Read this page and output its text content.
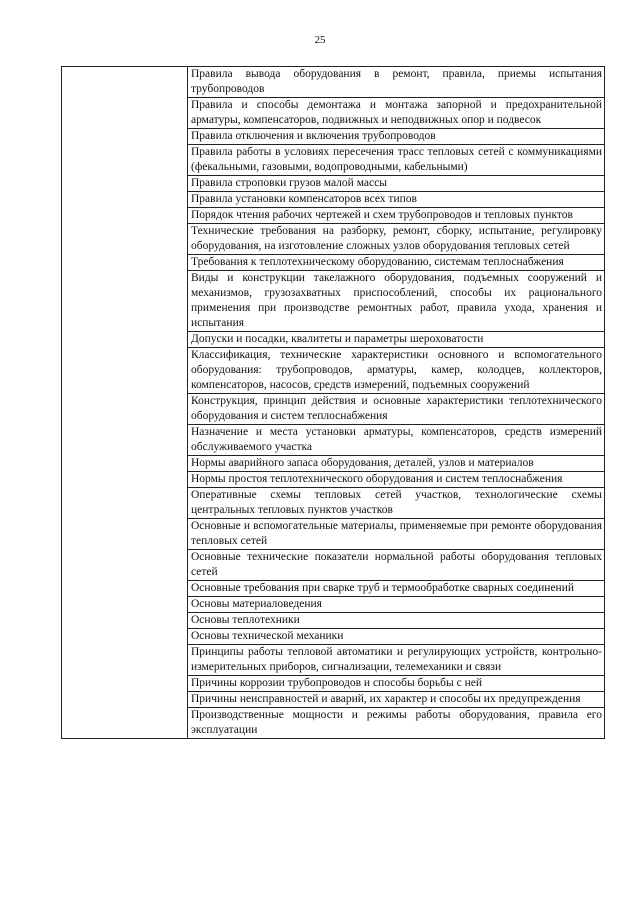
25
	Правила вывода оборудования в ремонт, правила, приемы испытания трубопроводов
Правила и способы демонтажа и монтажа запорной и предохранительной арматуры, компенсаторов, подвижных и неподвижных опор и подвесок
Правила отключения и включения трубопроводов
Правила работы в условиях пересечения трасс тепловых сетей с коммуникациями (фекальными, газовыми, водопроводными, кабельными)
Правила строповки грузов малой массы
Правила установки компенсаторов всех типов
Порядок чтения рабочих чертежей и схем трубопроводов и тепловых пунктов
Технические требования на разборку, ремонт, сборку, испытание, регулировку оборудования, на изготовление сложных узлов оборудования тепловых сетей
Требования к теплотехническому оборудованию, системам теплоснабжения
Виды и конструкции такелажного оборудования, подъемных сооружений и механизмов, грузозахватных приспособлений, способы их рационального применения при производстве ремонтных работ, правила ухода, хранения и испытания
Допуски и посадки, квалитеты и параметры шероховатости
Классификация, технические характеристики основного и вспомогательного оборудования: трубопроводов, арматуры, камер, колодцев, коллекторов, компенсаторов, насосов, средств измерений, подъемных сооружений
Конструкция, принцип действия и основные характеристики теплотехнического оборудования и систем теплоснабжения
Назначение и места установки арматуры, компенсаторов, средств измерений обслуживаемого участка
Нормы аварийного запаса оборудования, деталей, узлов и материалов
Нормы простоя теплотехнического оборудования и систем теплоснабжения
Оперативные схемы тепловых сетей участков, технологические схемы центральных тепловых пунктов участков
Основные и вспомогательные материалы, применяемые при ремонте оборудования тепловых сетей
Основные технические показатели нормальной работы оборудования тепловых сетей
Основные требования при сварке труб и термообработке сварных соединений
Основы материаловедения
Основы теплотехники
Основы технической механики
Принципы работы тепловой автоматики и регулирующих устройств, контрольно-измерительных приборов, сигнализации, телемеханики и связи
Причины коррозии трубопроводов и способы борьбы с ней
Причины неисправностей и аварий, их характер и способы их предупреждения
Производственные мощности и режимы работы оборудования, правила его эксплуатации
